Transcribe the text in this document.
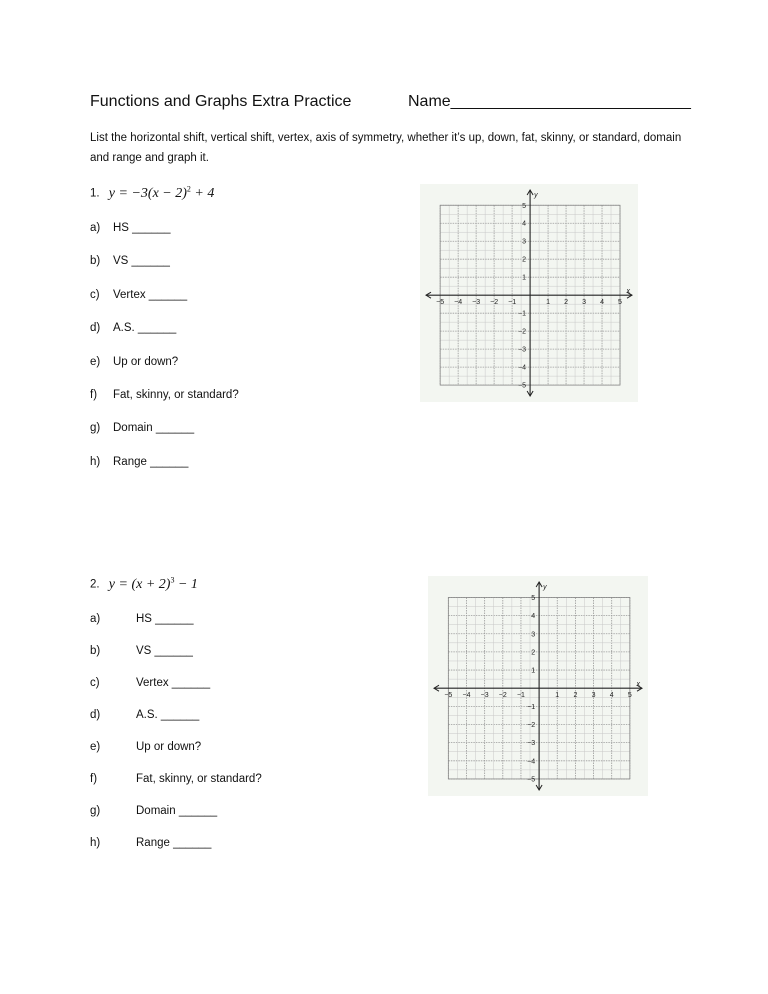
Functions and Graphs Extra Practice	Name___________________________
List the horizontal shift, vertical shift, vertex, axis of symmetry, whether it’s up, down, fat, skinny, or standard, domain and range and graph it.
1. $y = -3(x - 2)^2 + 4$
a) HS ______
b) VS ______
c) Vertex ______
d) A.S. ______
e) Up or down?
f) Fat, skinny, or standard?
g) Domain ______
h) Range ______
2. $y = (x + 2)^3 - 1$
a)	HS ______
b)	VS ______
c)	Vertex ______
d)	A.S. ______
e)	Up or down?
f)	Fat, skinny, or standard?
g)	Domain ______
h)	Range ______
−5 −4 −3 −2 −1	1 2 3 4 5
5
4
3
2
1
−1
−2
−3
−4
−5
x
y
−5 −4 −3 −2 −1	1 2 3 4 5
5
4
3
2
1
−1
−2
−3
−4
−5
x
y
